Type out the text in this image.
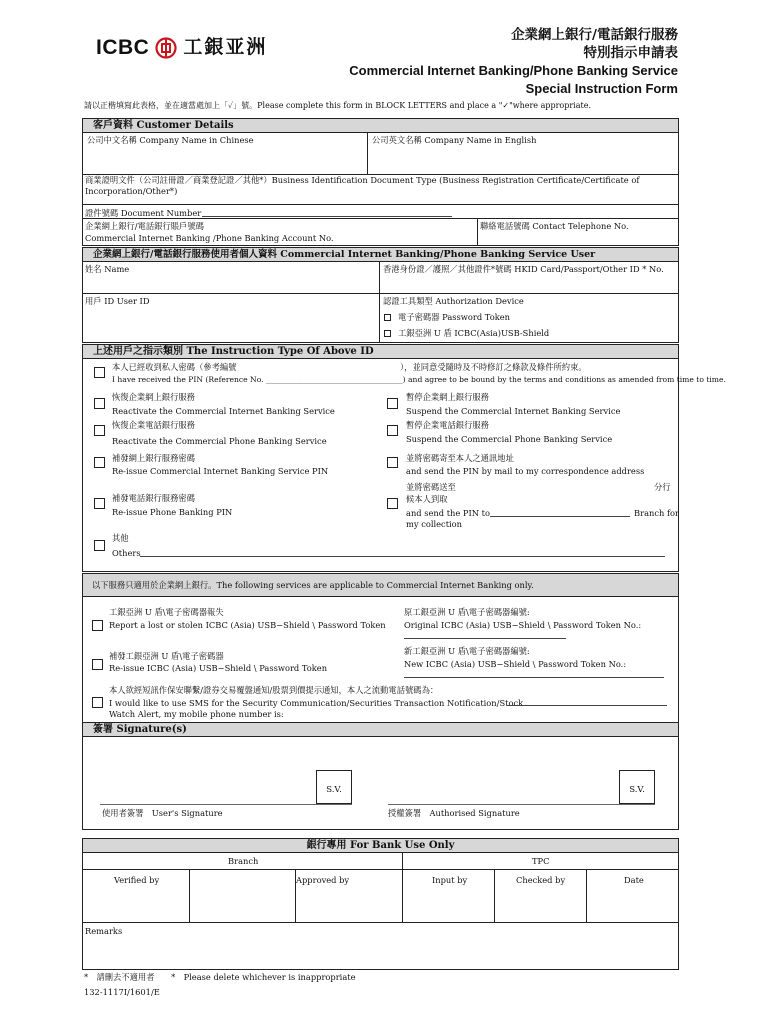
ICBC 工銀亚洲
企業網上銀行/電話銀行服務
特別指示申請表
Commercial Internet Banking/Phone Banking Service
Special Instruction Form
請以正楷填寫此表格，並在適當處加上「✓」號。Please complete this form in BLOCK LETTERS and place a "✓"where appropriate.
客戶資料 Customer Details
公司中文名稱 Company Name in Chinese	公司英文名稱 Company Name in English
商業證明文件（公司註冊證／商業登記證／其他*）Business Identification Document Type (Business Registration Certificate/Certificate of
Incorporation/Other*)
證件號碼 Document Number
企業網上銀行/電話銀行賬戶號碼
Commercial Internet Banking /Phone Banking Account No.
聯絡電話號碼 Contact Telephone No.
企業網上銀行/電話銀行服務使用者個人資料 Commercial Internet Banking/Phone Banking Service User
姓名 Name	香港身份證／護照／其他證件*號碼 HKID Card/Passport/Other ID * No.
用戶 ID User ID	認證工具類型 Authorization Device
電子密碼器 Password Token
工銀亞洲 U 盾 ICBC(Asia)USB-Shield
上述用戶之指示類別 The Instruction Type Of Above ID
本人已經收到私人密碼（參考編號	），並同意受隨時及不時修訂之條款及條件所約束。
I have received the PIN (Reference No. ____________________________________) and agree to be bound by the terms and conditions as amended from time to time.
恢復企業網上銀行服務
Reactivate the Commercial Internet Banking Service
恢復企業電話銀行服務
Reactivate the Commercial Phone Banking Service
暫停企業網上銀行服務
Suspend the Commercial Internet Banking Service
暫停企業電話銀行服務
Suspend the Commercial Phone Banking Service
補發網上銀行服務密碼
Re-issue Commercial Internet Banking Service PIN
並將密碼寄至本人之通訊地址
and send the PIN by mail to my correspondence address
補發電話銀行服務密碼
Re-issue Phone Banking PIN
並將密碼送至	分行
候本人到取
and send the PIN to	Branch for
my collection
其他
Others
以下服務只適用於企業網上銀行。The following services are applicable to Commercial Internet Banking only.
工銀亞洲 U 盾\電子密碼器報失
Report a lost or stolen ICBC (Asia) USB−Shield \ Password Token
原工銀亞洲 U 盾\電子密碼器編號:
Original ICBC (Asia) USB−Shield \ Password Token No.:
補發工銀亞洲 U 盾\電子密碼器
Re-issue ICBC (Asia) USB−Shield \ Password Token
新工銀亞洲 U 盾\電子密碼器編號:
New ICBC (Asia) USB−Shield \ Password Token No.:
本人欲經短訊作保安聯繫/證券交易覆盤通知/股票到價提示通知，本人之流動電話號碼為：
I would like to use SMS for the Security Communication/Securities Transaction Notification/Stock
Watch Alert, my mobile phone number is:
簽署 Signature(s)
S.V.	S.V.
使用者簽署　User's Signature	授權簽署　Authorised Signature
銀行專用 For Bank Use Only
Branch	TPC
Verified by	Approved by	Input by	Checked by	Date
Remarks
*　請刪去不適用者　　*　Please delete whichever is inappropriate
132-1117I/1601/E
